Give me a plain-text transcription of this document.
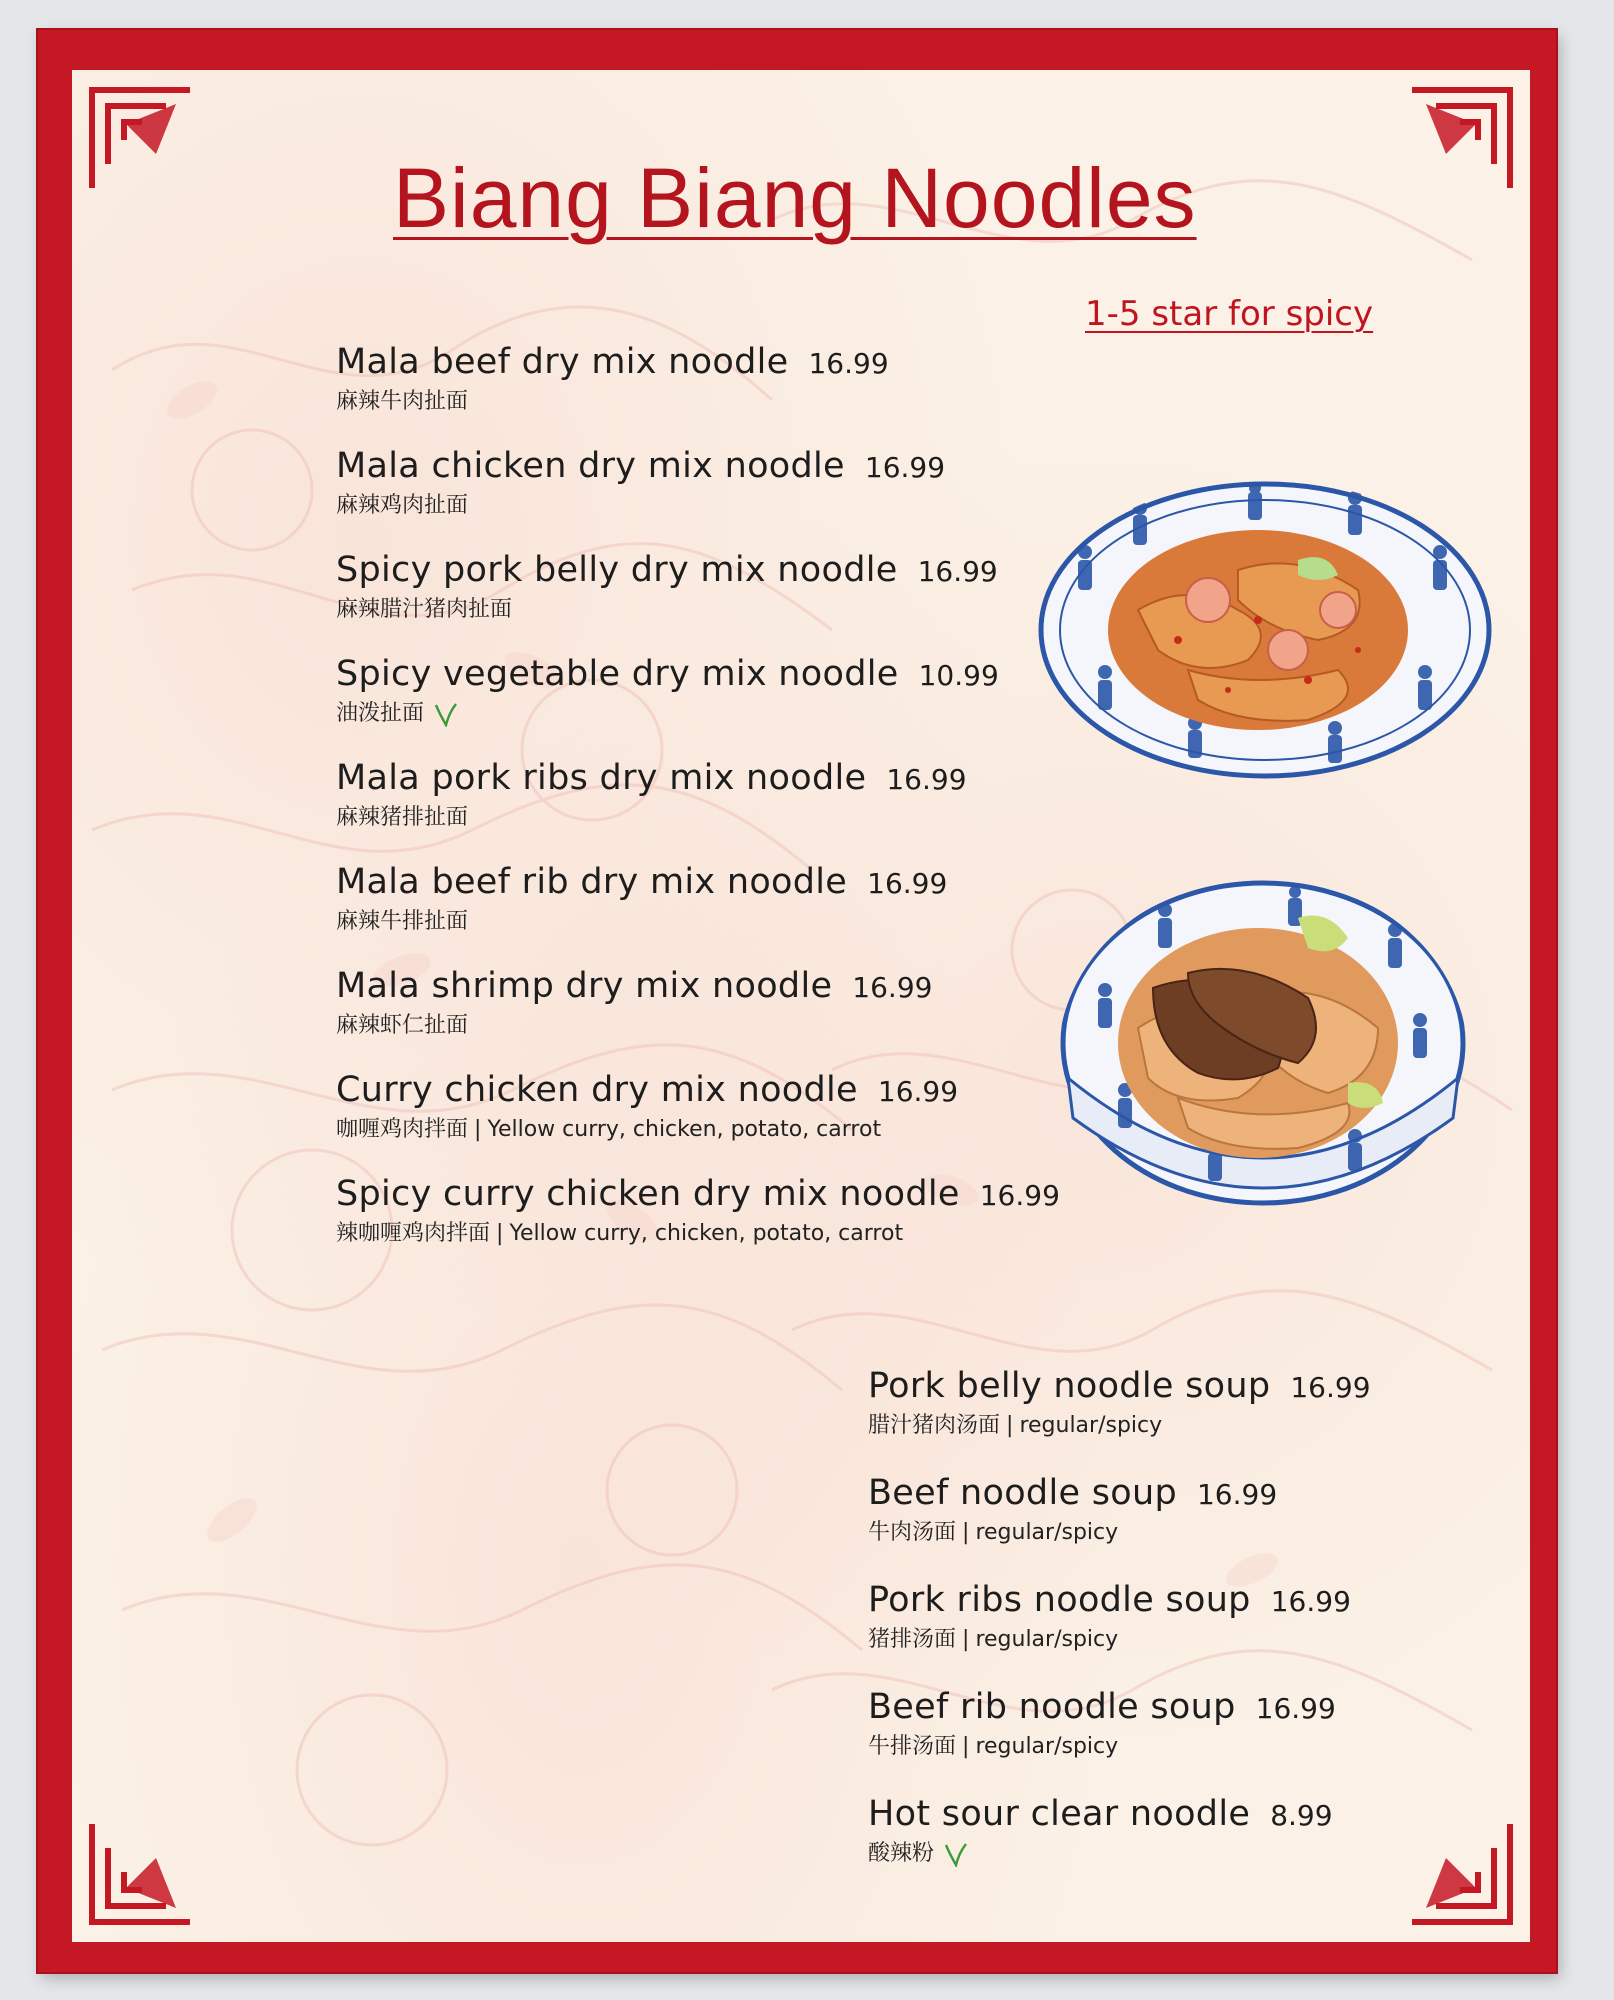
Biang Biang Noodles
1-5 star for spicy
Mala beef dry mix noodle 16.99
麻辣牛肉扯面
Mala chicken dry mix noodle 16.99
麻辣鸡肉扯面
Spicy pork belly dry mix noodle 16.99
麻辣腊汁猪肉扯面
Spicy vegetable dry mix noodle 10.99
油泼扯面
Mala pork ribs dry mix noodle 16.99
麻辣猪排扯面
Mala beef rib dry mix noodle 16.99
麻辣牛排扯面
Mala shrimp dry mix noodle 16.99
麻辣虾仁扯面
Curry chicken dry mix noodle 16.99
咖喱鸡肉拌面 | Yellow curry, chicken, potato, carrot
Spicy curry chicken dry mix noodle 16.99
辣咖喱鸡肉拌面 | Yellow curry, chicken, potato, carrot
Pork belly noodle soup 16.99
腊汁猪肉汤面 | regular/spicy
Beef noodle soup 16.99
牛肉汤面 | regular/spicy
Pork ribs noodle soup 16.99
猪排汤面 | regular/spicy
Beef rib noodle soup 16.99
牛排汤面 | regular/spicy
Hot sour clear noodle 8.99
酸辣粉
